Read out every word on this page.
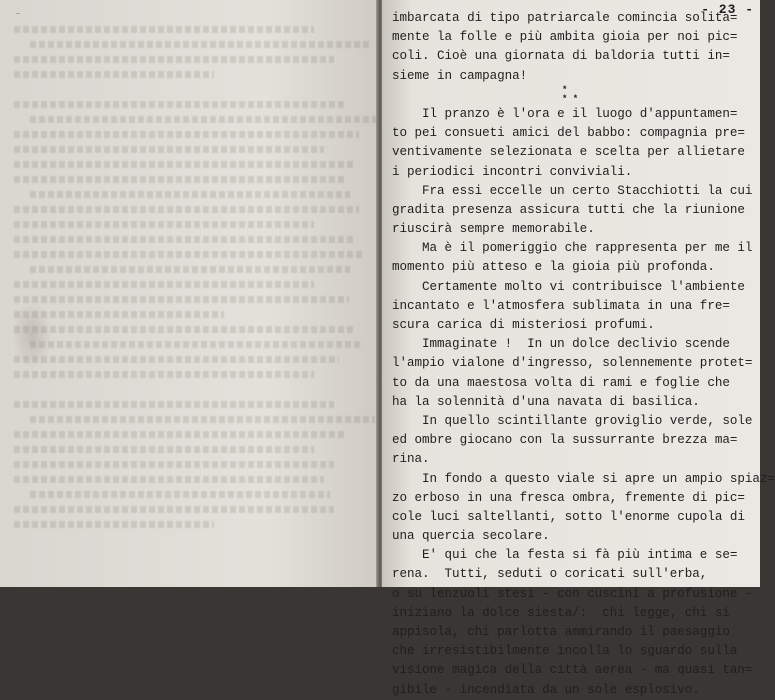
-	- 23 -
imbarcata di tipo patriarcale comincia solita=
mente la folle e più ambita gioia per noi pic=
coli. Cioè una giornata di baldoria tutti in=
sieme in campagna!
*
* *
Il pranzo è l'ora e il luogo d'appuntamen=
to pei consueti amici del babbo: compagnia pre=
ventivamente selezionata e scelta per allietare
i periodici incontri conviviali.
Fra essi eccelle un certo Stacchiotti la cui
gradita presenza assicura tutti che la riunione
riuscirà sempre memorabile.
Ma è il pomeriggio che rappresenta per me il
momento più atteso e la gioia più profonda.
Certamente molto vi contribuisce l'ambiente
incantato e l'atmosfera sublimata in una fre=
scura carica di misteriosi profumi.
Immaginate !  In un dolce declivio scende
l'ampio vialone d'ingresso, solennemente protet=
to da una maestosa volta di rami e foglie che
ha la solennità d'una navata di basilica.
In quello scintillante groviglio verde, sole
ed ombre giocano con la sussurrante brezza ma=
rina.
In fondo a questo viale si apre un ampio spiaz=
zo erboso in una fresca ombra, fremente di pic=
cole luci saltellanti, sotto l'enorme cupola di
una quercia secolare.
E' qui che la festa si fà più intima e se=
rena.  Tutti, seduti o coricati sull'erba,
o su lenzuoli stesi - con cuscini a profusione -
iniziano la dolce siesta/:  chi legge, chi si
appisola, chi parlotta ammirando il paesaggio
che irresistibilmente incolla lo sguardo sulla
visione magica della città aerea - ma quasi tan=
gibile - incendiata da un sole esplosivo.
